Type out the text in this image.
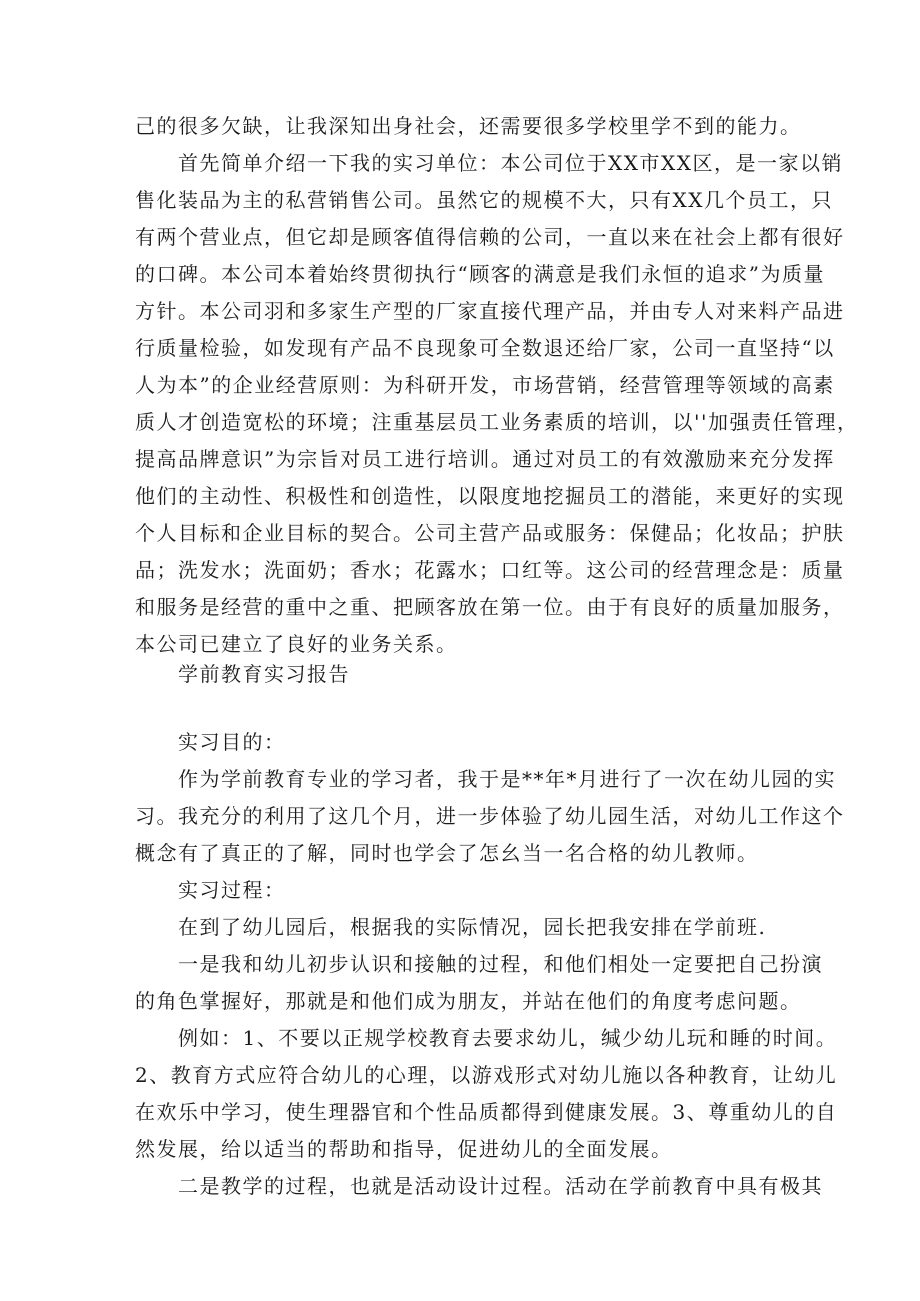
己的很多欠缺，让我深知出身社会，还需要很多学校里学不到的能力。
首先简单介绍一下我的实习单位：本公司位于XX市XX区，是一家以销
售化装品为主的私营销售公司。虽然它的规模不大，只有XX几个员工，只
有两个营业点，但它却是顾客值得信赖的公司，一直以来在社会上都有很好
的口碑。本公司本着始终贯彻执行“顾客的满意是我们永恒的追求”为质量
方针。本公司羽和多家生产型的厂家直接代理产品，并由专人对来料产品进
行质量检验，如发现有产品不良现象可全数退还给厂家，公司一直坚持“以
人为本”的企业经营原则：为科研开发，市场营销，经营管理等领域的高素
质人才创造宽松的环境；注重基层员工业务素质的培训，以''加强责任管理，
提高品牌意识”为宗旨对员工进行培训。通过对员工的有效激励来充分发挥
他们的主动性、积极性和创造性，以限度地挖掘员工的潜能，来更好的实现
个人目标和企业目标的契合。公司主营产品或服务：保健品；化妆品；护肤
品；洗发水；洗面奶；香水；花露水；口红等。这公司的经营理念是：质量
和服务是经营的重中之重、把顾客放在第一位。由于有良好的质量加服务，
本公司已建立了良好的业务关系。
学前教育实习报告
实习目的：
作为学前教育专业的学习者，我于是**年*月进行了一次在幼儿园的实
习。我充分的利用了这几个月，进一步体验了幼儿园生活，对幼儿工作这个
概念有了真正的了解，同时也学会了怎幺当一名合格的幼儿教师。
实习过程：
在到了幼儿园后，根据我的实际情况，园长把我安排在学前班.
一是我和幼儿初步认识和接触的过程，和他们相处一定要把自己扮演
的角色掌握好，那就是和他们成为朋友，并站在他们的角度考虑问题。
例如：1、不要以正规学校教育去要求幼儿，缄少幼儿玩和睡的时间。
2、教育方式应符合幼儿的心理，以游戏形式对幼儿施以各种教育，让幼儿
在欢乐中学习，使生理器官和个性品质都得到健康发展。3、尊重幼儿的自
然发展，给以适当的帮助和指导，促进幼儿的全面发展。
二是教学的过程，也就是活动设计过程。活动在学前教育中具有极其
